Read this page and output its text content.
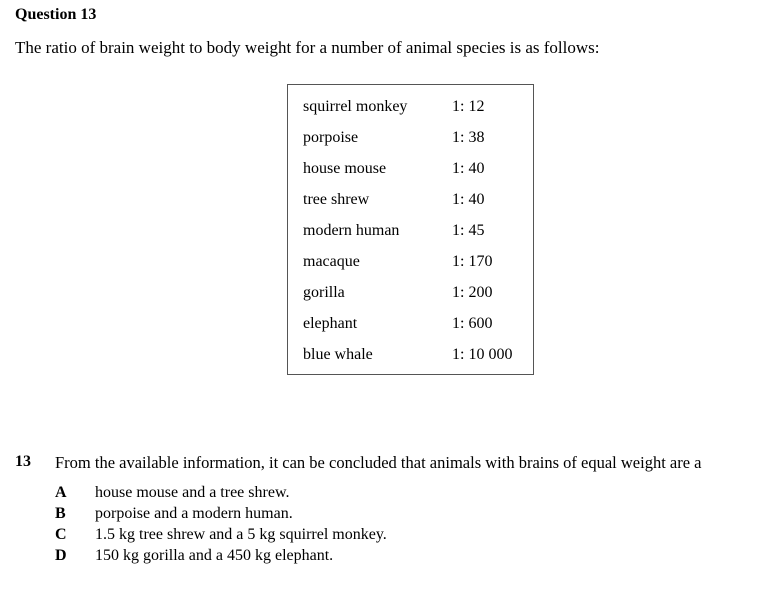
Question 13
The ratio of brain weight to body weight for a number of animal species is as follows:
squirrel monkey	1: 12
porpoise	1: 38
house mouse	1: 40
tree shrew	1: 40
modern human	1: 45
macaque	1: 170
gorilla	1: 200
elephant	1: 600
blue whale	1: 10 000
13 From the available information, it can be concluded that animals with brains of equal weight are a
A house mouse and a tree shrew.
B porpoise and a modern human.
C 1.5 kg tree shrew and a 5 kg squirrel monkey.
D 150 kg gorilla and a 450 kg elephant.
